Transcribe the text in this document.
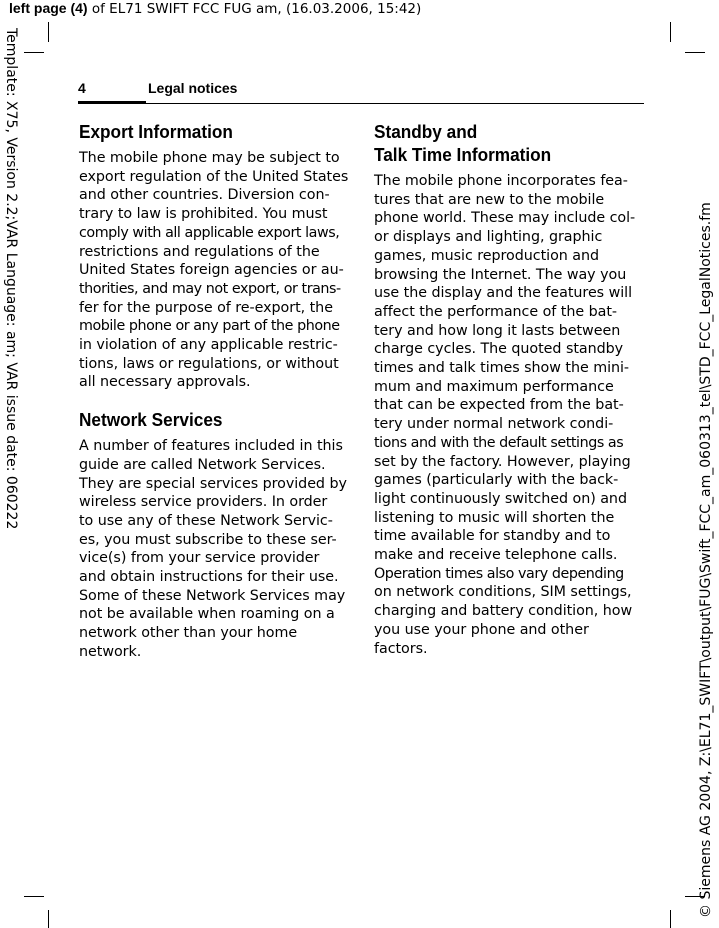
left page (4) of EL71 SWIFT FCC FUG am, (16.03.2006, 15:42)
Template: X75, Version 2.2;VAR Language: am; VAR issue date: 060222	© Siemens AG 2004, Z:\EL71_SWIFT\output\FUG\Swift_FCC_am_060313_tel\STD_FCC_LegalNotices.fm
4	Legal notices
Export Information

The mobile phone may be subject to
export regulation of the United States
and other countries. Diversion con-
trary to law is prohibited. You must
comply with all applicable export laws,
restrictions and regulations of the
United States foreign agencies or au-
thorities, and may not export, or trans-
fer for the purpose of re-export, the
mobile phone or any part of the phone
in violation of any applicable restric-
tions, laws or regulations, or without
all necessary approvals.

Network Services

A number of features included in this
guide are called Network Services.
They are special services provided by
wireless service providers. In order
to use any of these Network Servic-
es, you must subscribe to these ser-
vice(s) from your service provider
and obtain instructions for their use.
Some of these Network Services may
not be available when roaming on a
network other than your home
network.

Standby and
Talk Time Information

The mobile phone incorporates fea-
tures that are new to the mobile
phone world. These may include col-
or displays and lighting, graphic
games, music reproduction and
browsing the Internet. The way you
use the display and the features will
affect the performance of the bat-
tery and how long it lasts between
charge cycles. The quoted standby
times and talk times show the mini-
mum and maximum performance
that can be expected from the bat-
tery under normal network condi-
tions and with the default settings as
set by the factory. However, playing
games (particularly with the back-
light continuously switched on) and
listening to music will shorten the
time available for standby and to
make and receive telephone calls.
Operation times also vary depending
on network conditions, SIM settings,
charging and battery condition, how
you use your phone and other
factors.
